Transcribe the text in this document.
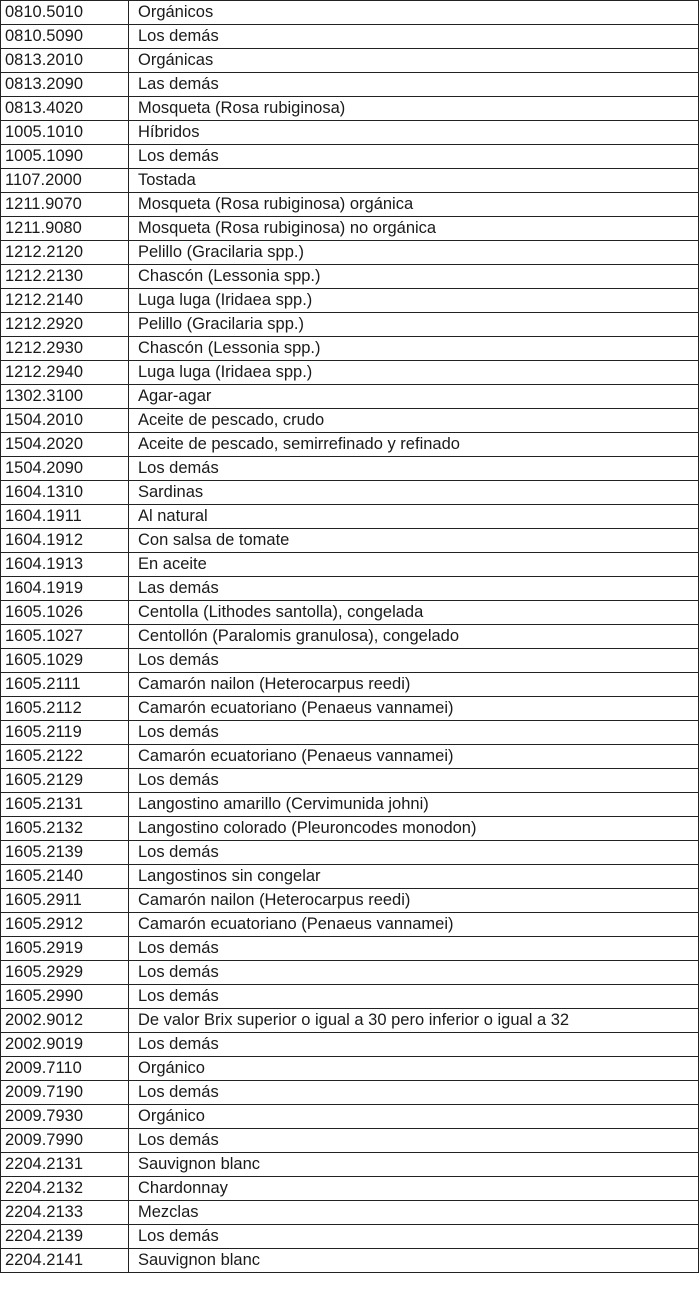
0810.5010	Orgánicos
0810.5090	Los demás
0813.2010	Orgánicas
0813.2090	Las demás
0813.4020	Mosqueta (Rosa rubiginosa)
1005.1010	Híbridos
1005.1090	Los demás
1107.2000	Tostada
1211.9070	Mosqueta (Rosa rubiginosa) orgánica
1211.9080	Mosqueta (Rosa rubiginosa) no orgánica
1212.2120	Pelillo (Gracilaria spp.)
1212.2130	Chascón (Lessonia spp.)
1212.2140	Luga luga (Iridaea spp.)
1212.2920	Pelillo (Gracilaria spp.)
1212.2930	Chascón (Lessonia spp.)
1212.2940	Luga luga (Iridaea spp.)
1302.3100	Agar-agar
1504.2010	Aceite de pescado, crudo
1504.2020	Aceite de pescado, semirrefinado y refinado
1504.2090	Los demás
1604.1310	Sardinas
1604.1911	Al natural
1604.1912	Con salsa de tomate
1604.1913	En aceite
1604.1919	Las demás
1605.1026	Centolla (Lithodes santolla), congelada
1605.1027	Centollón (Paralomis granulosa), congelado
1605.1029	Los demás
1605.2111	Camarón nailon (Heterocarpus reedi)
1605.2112	Camarón ecuatoriano (Penaeus vannamei)
1605.2119	Los demás
1605.2122	Camarón ecuatoriano (Penaeus vannamei)
1605.2129	Los demás
1605.2131	Langostino amarillo (Cervimunida johni)
1605.2132	Langostino colorado (Pleuroncodes monodon)
1605.2139	Los demás
1605.2140	Langostinos sin congelar
1605.2911	Camarón nailon (Heterocarpus reedi)
1605.2912	Camarón ecuatoriano (Penaeus vannamei)
1605.2919	Los demás
1605.2929	Los demás
1605.2990	Los demás
2002.9012	De valor Brix superior o igual a 30 pero inferior o igual a 32
2002.9019	Los demás
2009.7110	Orgánico
2009.7190	Los demás
2009.7930	Orgánico
2009.7990	Los demás
2204.2131	Sauvignon blanc
2204.2132	Chardonnay
2204.2133	Mezclas
2204.2139	Los demás
2204.2141	Sauvignon blanc
